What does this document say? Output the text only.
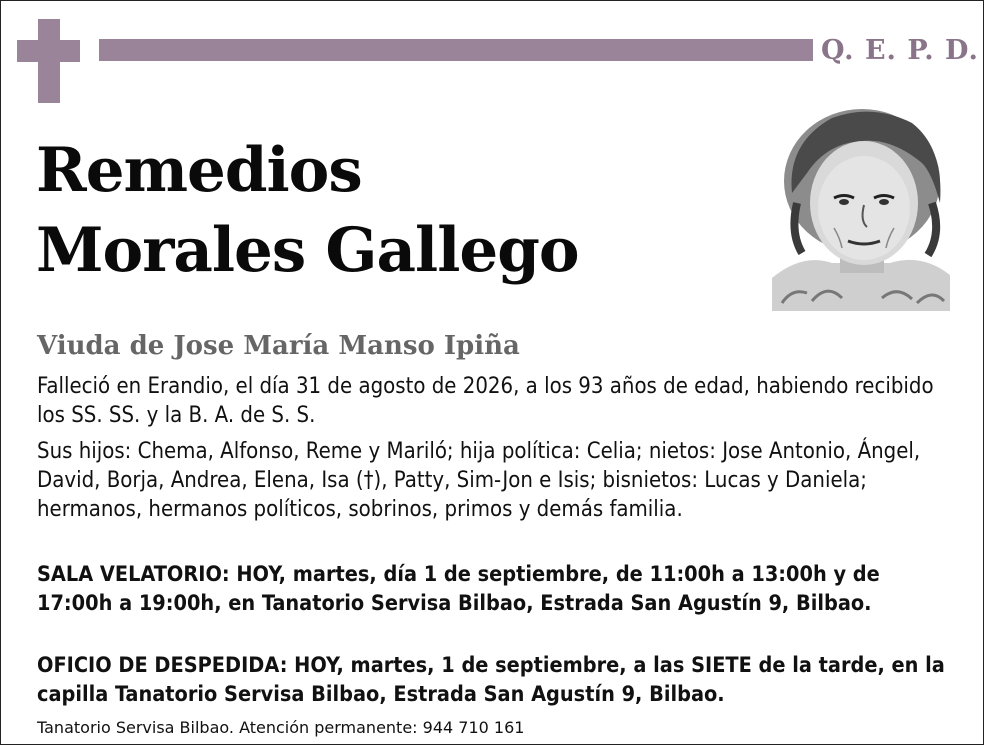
Q. E. P. D.
Remedios
Morales Gallego

Viuda de Jose María Manso Ipiña

Falleció en Erandio, el día 31 de agosto de 2026, a los 93 años de edad, habiendo recibido los SS. SS. y la B. A. de S. S.

Sus hijos: Chema, Alfonso, Reme y Mariló; hija política: Celia; nietos: Jose Antonio, Ángel, David, Borja, Andrea, Elena, Isa (†), Patty, Sim-Jon e Isis; bisnietos: Lucas y Daniela; hermanos, hermanos políticos, sobrinos, primos y demás familia.

SALA VELATORIO: HOY, martes, día 1 de septiembre, de 11:00h a 13:00h y de 17:00h a 19:00h, en Tanatorio Servisa Bilbao, Estrada San Agustín 9, Bilbao.

OFICIO DE DESPEDIDA: HOY, martes, 1 de septiembre, a las SIETE de la tarde, en la capilla Tanatorio Servisa Bilbao, Estrada San Agustín 9, Bilbao.

Tanatorio Servisa Bilbao. Atención permanente: 944 710 161
